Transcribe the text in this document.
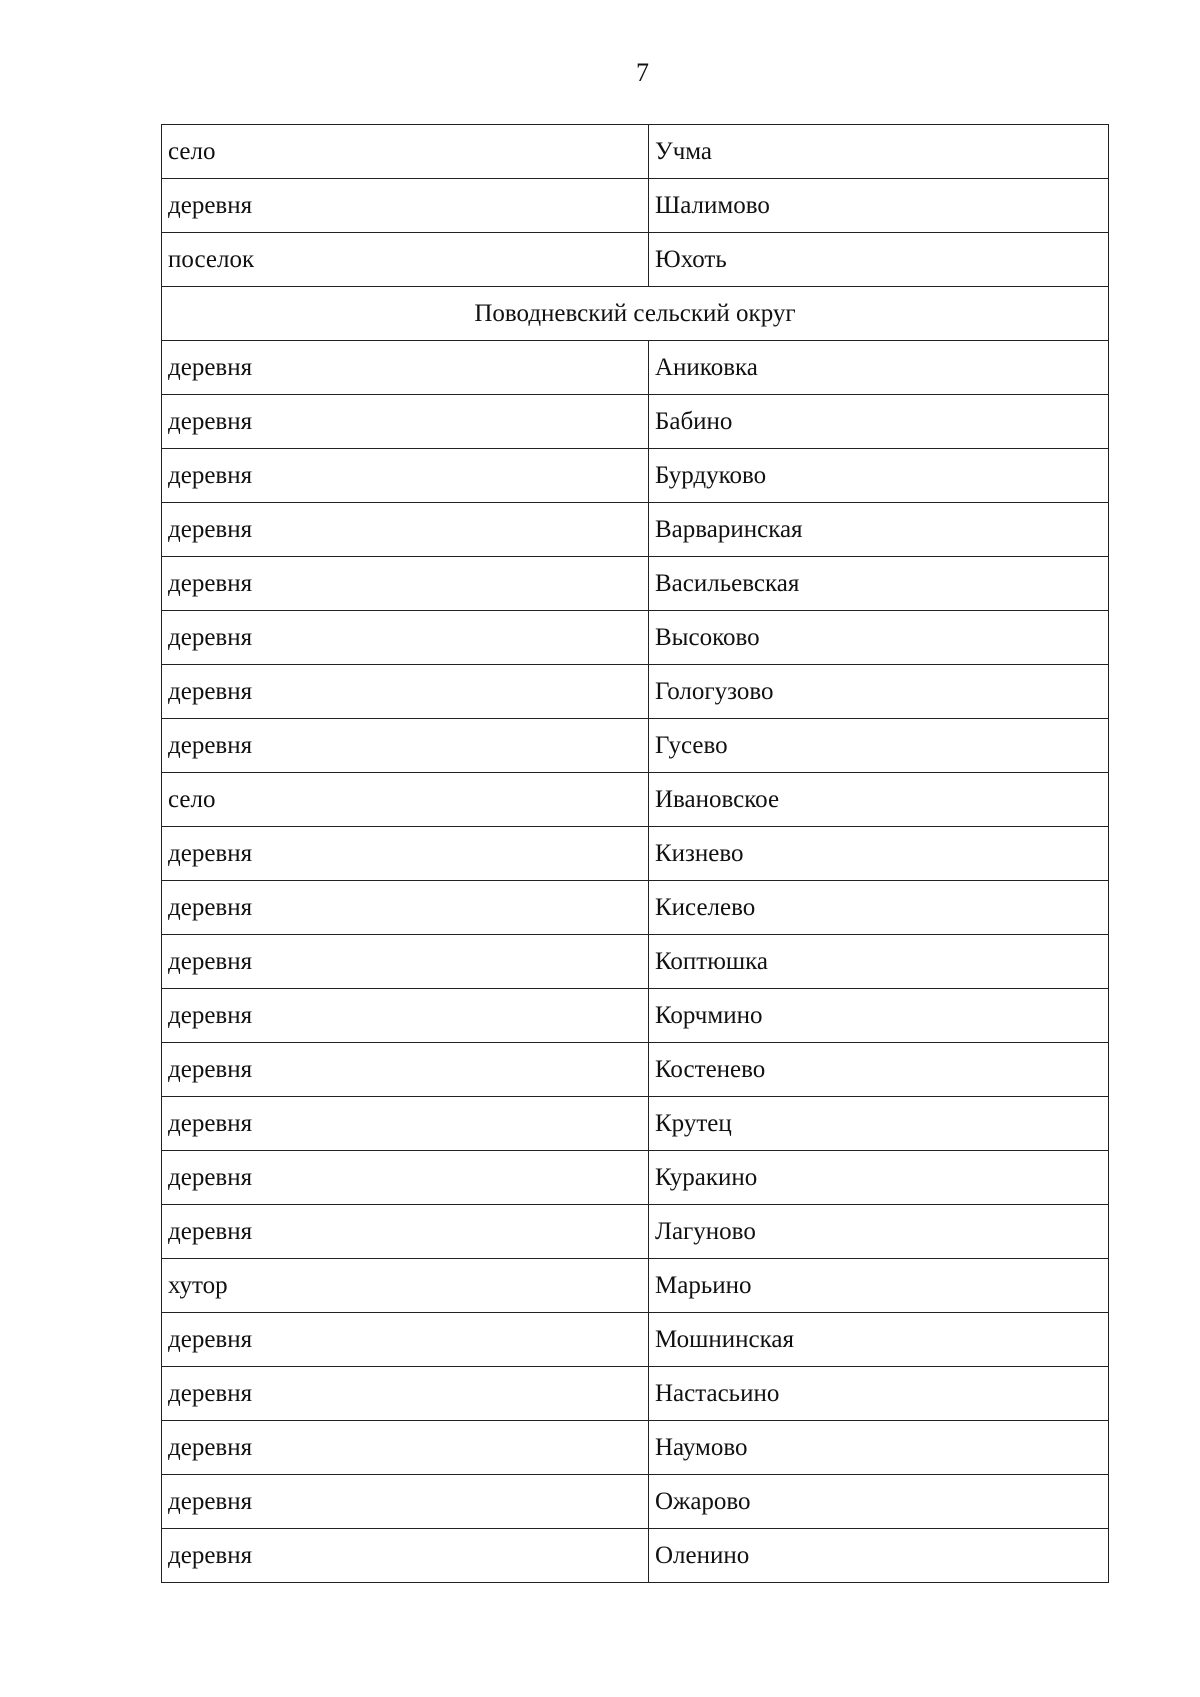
7
село	Учма
деревня	Шалимово
поселок	Юхоть
Поводневский сельский округ	
деревня	Аниковка
деревня	Бабино
деревня	Бурдуково
деревня	Варваринская
деревня	Васильевская
деревня	Высоково
деревня	Гологузово
деревня	Гусево
село	Ивановское
деревня	Кизнево
деревня	Киселево
деревня	Коптюшка
деревня	Корчмино
деревня	Костенево
деревня	Крутец
деревня	Куракино
деревня	Лагуново
хутор	Марьино
деревня	Мошнинская
деревня	Настасьино
деревня	Наумово
деревня	Ожарово
деревня	Оленино
